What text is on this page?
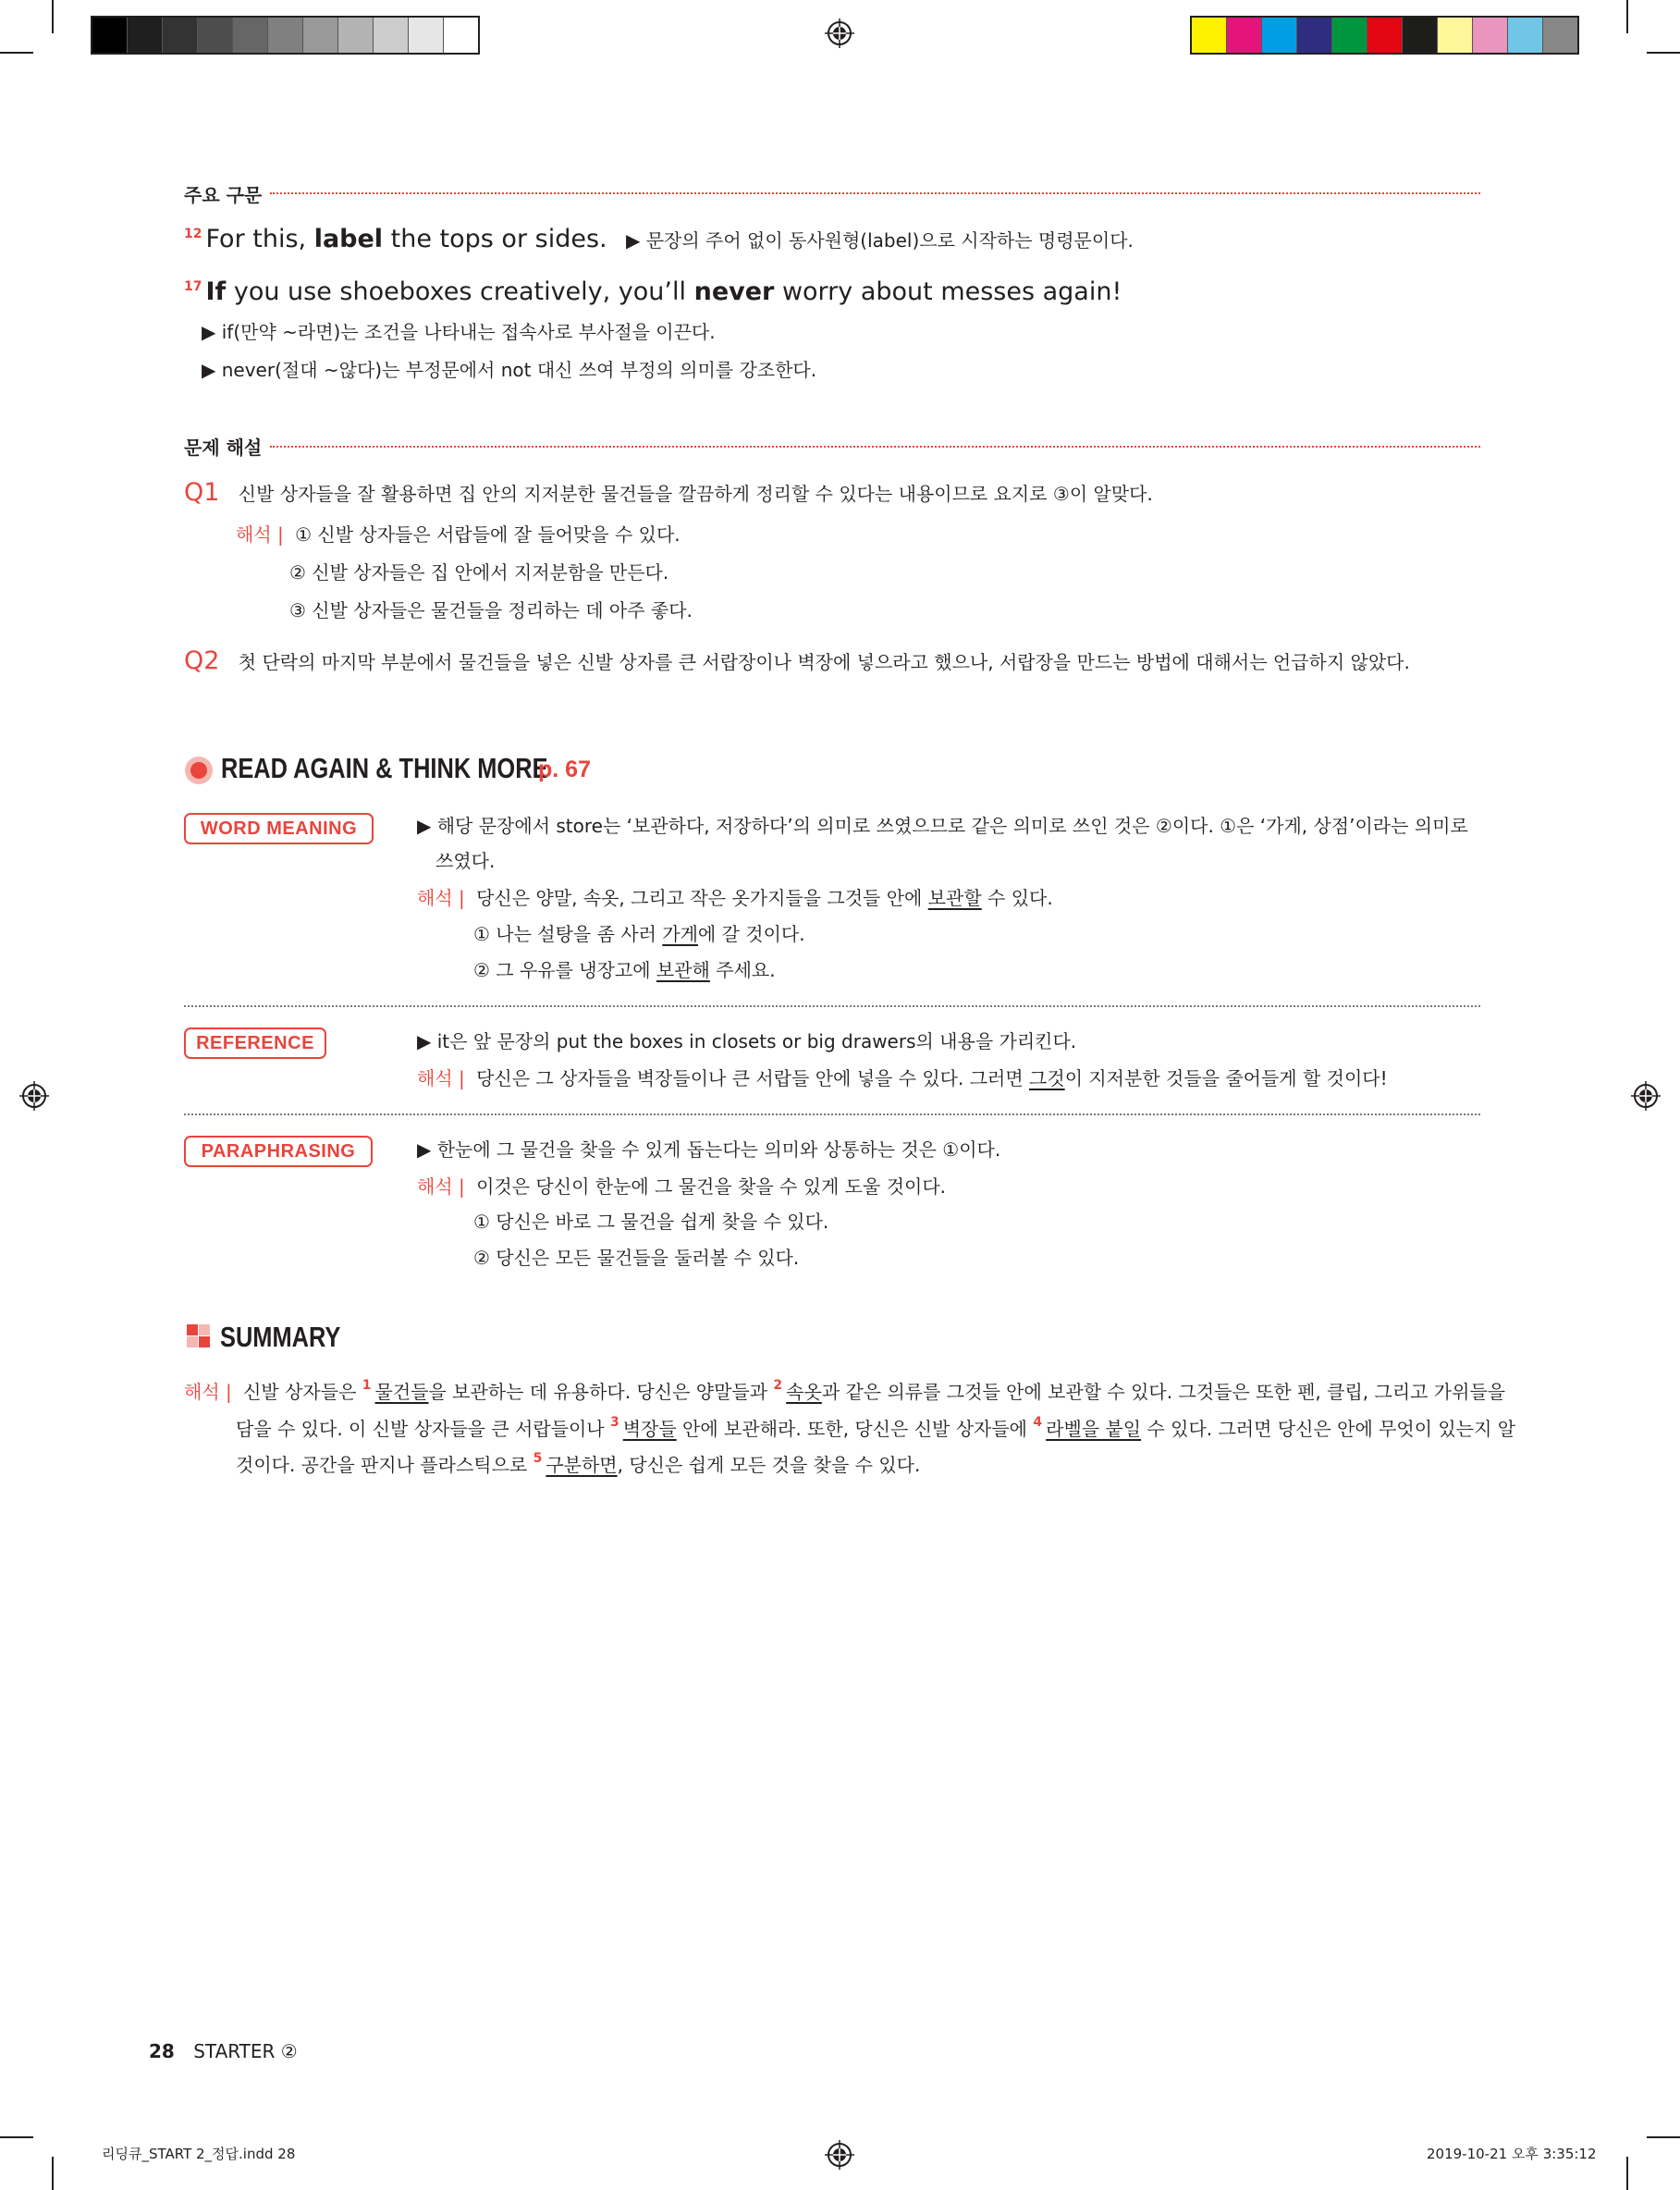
주요 구문
$^{12}$ For this, label the tops or sides. ▶ 문장의 주어 없이 동사원형(label)으로 시작하는 명령문이다.
$^{17}$ If you use shoeboxes creatively, you’ll never worry about messes again!
▶ if(만약 ~라면)는 조건을 나타내는 접속사로 부사절을 이끈다.
▶ never(절대 ~않다)는 부정문에서 not 대신 쓰여 부정의 의미를 강조한다.
문제 해설
Q1 신발 상자들을 잘 활용하면 집 안의 지저분한 물건들을 깔끔하게 정리할 수 있다는 내용이므로 요지로 ③이 알맞다.
해석 | ① 신발 상자들은 서랍들에 잘 들어맞을 수 있다.
② 신발 상자들은 집 안에서 지저분함을 만든다.
③ 신발 상자들은 물건들을 정리하는 데 아주 좋다.
Q2 첫 단락의 마지막 부분에서 물건들을 넣은 신발 상자를 큰 서랍장이나 벽장에 넣으라고 했으나, 서랍장을 만드는 방법에 대해서는 언급하지 않았다.
READ AGAIN & THINK MORE
p. 67
WORD MEANING	▶ 해당 문장에서 store는 ‘보관하다, 저장하다’의 의미로 쓰였으므로 같은 의미로 쓰인 것은 ②이다. ①은 ‘가게, 상점’이라는 의미로
쓰였다.
해석 | 당신은 양말, 속옷, 그리고 작은 옷가지들을 그것들 안에 보관할 수 있다.
① 나는 설탕을 좀 사러 가게에 갈 것이다.
② 그 우유를 냉장고에 보관해 주세요.
REFERENCE	▶ it은 앞 문장의 put the boxes in closets or big drawers의 내용을 가리킨다.
해석 | 당신은 그 상자들을 벽장들이나 큰 서랍들 안에 넣을 수 있다. 그러면 그것이 지저분한 것들을 줄어들게 할 것이다!
PARAPHRASING	▶ 한눈에 그 물건을 찾을 수 있게 돕는다는 의미와 상통하는 것은 ①이다.
해석 | 이것은 당신이 한눈에 그 물건을 찾을 수 있게 도울 것이다.
① 당신은 바로 그 물건을 쉽게 찾을 수 있다.
② 당신은 모든 물건들을 둘러볼 수 있다.
SUMMARY
해석 | 신발 상자들은 $^1$ 물건들을 보관하는 데 유용하다. 당신은 양말들과 $^2$ 속옷과 같은 의류를 그것들 안에 보관할 수 있다. 그것들은 또한 펜, 클립, 그리고 가위들을
담을 수 있다. 이 신발 상자들을 큰 서랍들이나 $^3$ 벽장들 안에 보관해라. 또한, 당신은 신발 상자들에 $^4$ 라벨을 붙일 수 있다. 그러면 당신은 안에 무엇이 있는지 알
것이다. 공간을 판지나 플라스틱으로 $^5$ 구분하면, 당신은 쉽게 모든 것을 찾을 수 있다.
28 STARTER ②
리딩큐_START 2_정답.indd 28	2019-10-21 오후 3:35:12
